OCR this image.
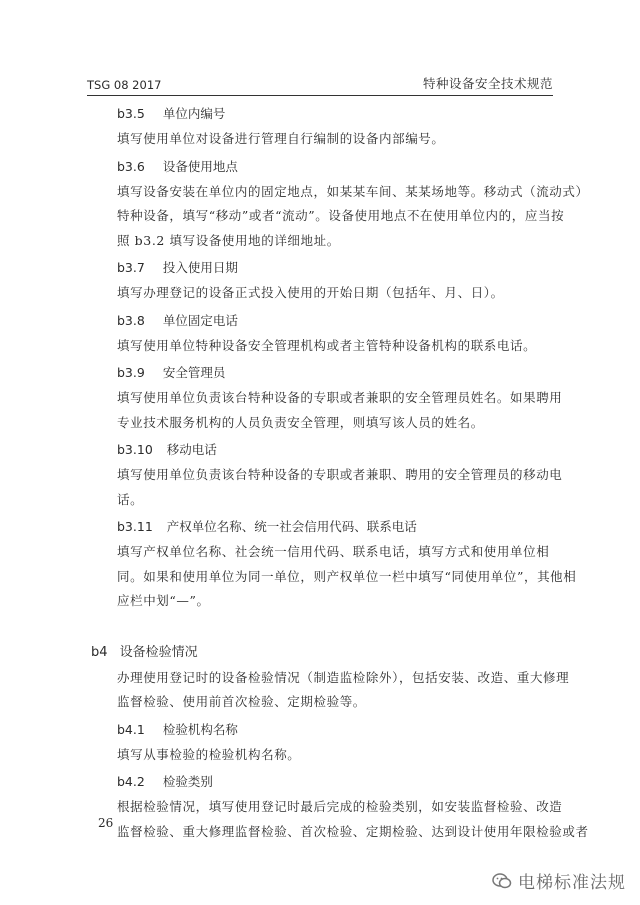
TSG 08 2017	特种设备安全技术规范
b3.5 单位内编号
填写使用单位对设备进行管理自行编制的设备内部编号。
b3.6 设备使用地点
填写设备安装在单位内的固定地点，如某某车间、某某场地等。移动式（流动式）
特种设备，填写“移动”或者“流动”。设备使用地点不在使用单位内的，应当按
照 b3.2 填写设备使用地的详细地址。
b3.7 投入使用日期
填写办理登记的设备正式投入使用的开始日期（包括年、月、日）。
b3.8 单位固定电话
填写使用单位特种设备安全管理机构或者主管特种设备机构的联系电话。
b3.9 安全管理员
填写使用单位负责该台特种设备的专职或者兼职的安全管理员姓名。如果聘用
专业技术服务机构的人员负责安全管理，则填写该人员的姓名。
b3.10 移动电话
填写使用单位负责该台特种设备的专职或者兼职、聘用的安全管理员的移动电
话。
b3.11 产权单位名称、统一社会信用代码、联系电话
填写产权单位名称、社会统一信用代码、联系电话，填写方式和使用单位相
同。如果和使用单位为同一单位，则产权单位一栏中填写“同使用单位”，其他相
应栏中划“—”。
b4 设备检验情况
办理使用登记时的设备检验情况（制造监检除外），包括安装、改造、重大修理
监督检验、使用前首次检验、定期检验等。
b4.1 检验机构名称
填写从事检验的检验机构名称。
b4.2 检验类别
根据检验情况，填写使用登记时最后完成的检验类别，如安装监督检验、改造
监督检验、重大修理监督检验、首次检验、定期检验、达到设计使用年限检验或者
26
电梯标准法规
